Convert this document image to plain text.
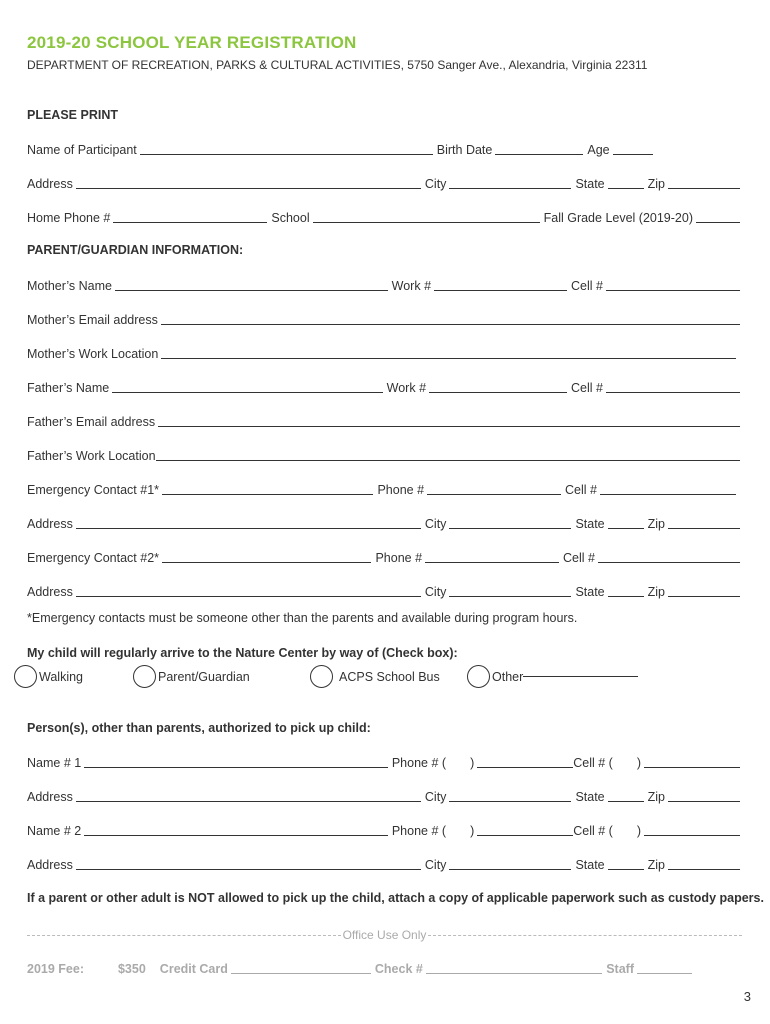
2019-20 SCHOOL YEAR REGISTRATION
DEPARTMENT OF RECREATION, PARKS & CULTURAL ACTIVITIES, 5750 Sanger Ave., Alexandria, Virginia 22311
PLEASE PRINT
Name of Participant	Birth Date	Age
Address	City	State	Zip
Home Phone #	School	Fall Grade Level (2019-20)
PARENT/GUARDIAN INFORMATION:
Mother’s Name	Work #	Cell #
Mother’s Email address
Mother’s Work Location
Father’s Name	Work #	Cell #
Father’s Email address
Father’s Work Location
Emergency Contact #1*	Phone #	Cell #
Address	City	State	Zip
Emergency Contact #2*	Phone #	Cell #
Address	City	State	Zip
*Emergency contacts must be someone other than the parents and available during program hours.
My child will regularly arrive to the Nature Center by way of (Check box):
Walking	Parent/Guardian	ACPS School Bus	Other
Person(s), other than parents, authorized to pick up child:
Name # 1	Phone # ( )	Cell # ( )
Address	City	State	Zip
Name # 2	Phone # ( )	Cell # ( )
Address	City	State	Zip
If a parent or other adult is NOT allowed to pick up the child, attach a copy of applicable paperwork such as custody papers.
Office Use Only
2019 Fee:	$350 Credit Card	Check #	Staff
3
